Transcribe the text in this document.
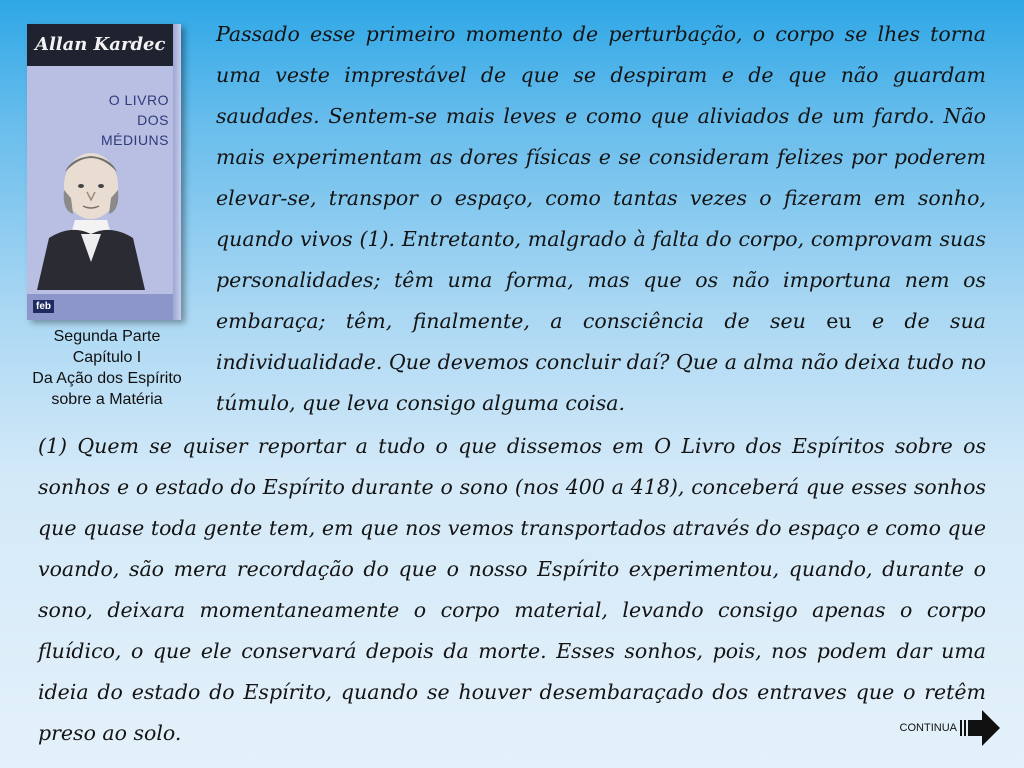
Allan Kardec
O LIVRO
DOS
MÉDIUNS
feb
Segunda Parte
Capítulo I
Da Ação dos Espírito
sobre a Matéria

Passado esse primeiro momento de perturbação, o corpo se lhes torna uma veste imprestável de que se despiram e de que não guardam saudades. Sentem-se mais leves e como que aliviados de um fardo. Não mais experimentam as dores físicas e se consideram felizes por poderem elevar-se, transpor o espaço, como tantas vezes o fizeram em sonho, quando vivos (1). Entretanto, malgrado à falta do corpo, comprovam suas personalidades; têm uma forma, mas que os não importuna nem os embaraça; têm, finalmente, a consciência de seu eu e de sua individualidade. Que devemos concluir daí? Que a alma não deixa tudo no túmulo, que leva consigo alguma coisa.

(1) Quem se quiser reportar a tudo o que dissemos em O Livro dos Espíritos sobre os sonhos e o estado do Espírito durante o sono (nos 400 a 418), conceberá que esses sonhos que quase toda gente tem, em que nos vemos transportados através do espaço e como que voando, são mera recordação do que o nosso Espírito experimentou, quando, durante o sono, deixara momentaneamente o corpo material, levando consigo apenas o corpo fluídico, o que ele conservará depois da morte. Esses sonhos, pois, nos podem dar uma ideia do estado do Espírito, quando se houver desembaraçado dos entraves que o retêm preso ao solo.	CONTINUA
